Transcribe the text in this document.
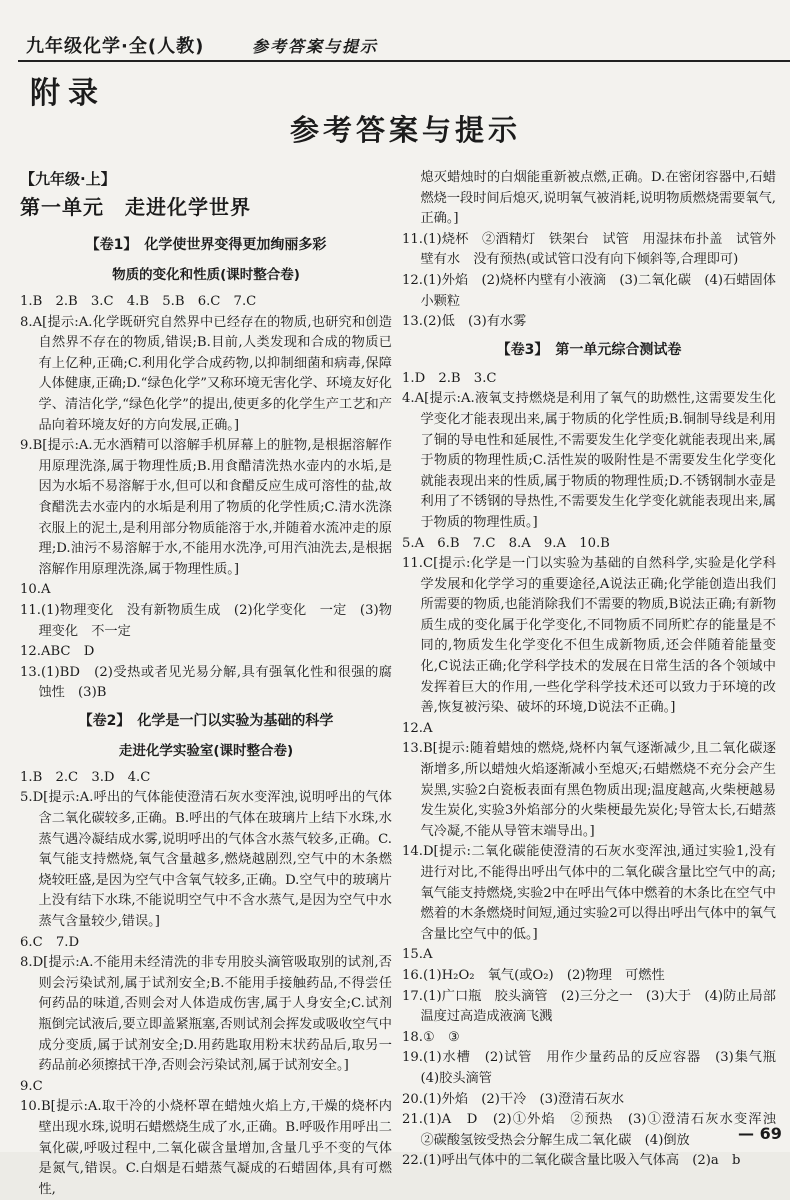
九年级化学·全(人教)	参考答案与提示
附录
参考答案与提示
【九年级·上】
第一单元　走进化学世界
【卷1】　化学使世界变得更加绚丽多彩
物质的变化和性质(课时整合卷)

1.B　2.B　3.C　4.B　5.B　6.C　7.C

8.A[提示:A.化学既研究自然界中已经存在的物质,也研究和创造自然界不存在的物质,错误;B.目前,人类发现和合成的物质已有上亿种,正确;C.利用化学合成药物,以抑制细菌和病毒,保障人体健康,正确;D.“绿色化学”又称环境无害化学、环境友好化学、清洁化学,“绿色化学”的提出,使更多的化学生产工艺和产品向着环境友好的方向发展,正确。]

9.B[提示:A.无水酒精可以溶解手机屏幕上的脏物,是根据溶解作用原理洗涤,属于物理性质;B.用食醋清洗热水壶内的水垢,是因为水垢不易溶解于水,但可以和食醋反应生成可溶性的盐,故食醋洗去水壶内的水垢是利用了物质的化学性质;C.清水洗涤衣服上的泥土,是利用部分物质能溶于水,并随着水流冲走的原理;D.油污不易溶解于水,不能用水洗净,可用汽油洗去,是根据溶解作用原理洗涤,属于物理性质。]

10.A

11.(1)物理变化　没有新物质生成　(2)化学变化　一定　(3)物理变化　不一定

12.ABC　D

13.(1)BD　(2)受热或者见光易分解,具有强氧化性和很强的腐蚀性　(3)B

【卷2】　化学是一门以实验为基础的科学
走进化学实验室(课时整合卷)

1.B　2.C　3.D　4.C

5.D[提示:A.呼出的气体能使澄清石灰水变浑浊,说明呼出的气体含二氧化碳较多,正确。B.呼出的气体在玻璃片上结下水珠,水蒸气遇冷凝结成水雾,说明呼出的气体含水蒸气较多,正确。C.氧气能支持燃烧,氧气含量越多,燃烧越剧烈,空气中的木条燃烧较旺盛,是因为空气中含氧气较多,正确。D.空气中的玻璃片上没有结下水珠,不能说明空气中不含水蒸气,是因为空气中水蒸气含量较少,错误。]

6.C　7.D

8.D[提示:A.不能用未经清洗的非专用胶头滴管吸取别的试剂,否则会污染试剂,属于试剂安全;B.不能用手接触药品,不得尝任何药品的味道,否则会对人体造成伤害,属于人身安全;C.试剂瓶倒完试液后,要立即盖紧瓶塞,否则试剂会挥发或吸收空气中成分变质,属于试剂安全;D.用药匙取用粉末状药品后,取另一药品前必须擦拭干净,否则会污染试剂,属于试剂安全。]

9.C

10.B[提示:A.取干冷的小烧杯罩在蜡烛火焰上方,干燥的烧杯内壁出现水珠,说明石蜡燃烧生成了水,正确。B.呼吸作用呼出二氧化碳,呼吸过程中,二氧化碳含量增加,含量几乎不变的气体是氮气,错误。C.白烟是石蜡蒸气凝成的石蜡固体,具有可燃性,

熄灭蜡烛时的白烟能重新被点燃,正确。D.在密闭容器中,石蜡燃烧一段时间后熄灭,说明氧气被消耗,说明物质燃烧需要氧气,正确。]

11.(1)烧杯　②酒精灯　铁架台　试管　用湿抹布扑盖　试管外壁有水　没有预热(或试管口没有向下倾斜等,合理即可)

12.(1)外焰　(2)烧杯内壁有小液滴　(3)二氧化碳　(4)石蜡固体小颗粒

13.(2)低　(3)有水雾

【卷3】　第一单元综合测试卷

1.D　2.B　3.C

4.A[提示:A.液氧支持燃烧是利用了氧气的助燃性,这需要发生化学变化才能表现出来,属于物质的化学性质;B.铜制导线是利用了铜的导电性和延展性,不需要发生化学变化就能表现出来,属于物质的物理性质;C.活性炭的吸附性是不需要发生化学变化就能表现出来的性质,属于物质的物理性质;D.不锈钢制水壶是利用了不锈钢的导热性,不需要发生化学变化就能表现出来,属于物质的物理性质。]

5.A　6.B　7.C　8.A　9.A　10.B

11.C[提示:化学是一门以实验为基础的自然科学,实验是化学科学发展和化学学习的重要途径,A说法正确;化学能创造出我们所需要的物质,也能消除我们不需要的物质,B说法正确;有新物质生成的变化属于化学变化,不同物质不同所贮存的能量是不同的,物质发生化学变化不但生成新物质,还会伴随着能量变化,C说法正确;化学科学技术的发展在日常生活的各个领域中发挥着巨大的作用,一些化学科学技术还可以致力于环境的改善,恢复被污染、破坏的环境,D说法不正确。]

12.A

13.B[提示:随着蜡烛的燃烧,烧杯内氧气逐渐减少,且二氧化碳逐渐增多,所以蜡烛火焰逐渐减小至熄灭;石蜡燃烧不充分会产生炭黑,实验2白瓷板表面有黑色物质出现;温度越高,火柴梗越易发生炭化,实验3外焰部分的火柴梗最先炭化;导管太长,石蜡蒸气冷凝,不能从导管末端导出。]

14.D[提示:二氧化碳能使澄清的石灰水变浑浊,通过实验1,没有进行对比,不能得出呼出气体中的二氧化碳含量比空气中的高;氧气能支持燃烧,实验2中在呼出气体中燃着的木条比在空气中燃着的木条燃烧时间短,通过实验2可以得出呼出气体中的氧气含量比空气中的低。]

15.A

16.(1)H₂O₂　氧气(或O₂)　(2)物理　可燃性

17.(1)广口瓶　胶头滴管　(2)三分之一　(3)大于　(4)防止局部温度过高造成液滴飞溅

18.①　③

19.(1)水槽　(2)试管　用作少量药品的反应容器　(3)集气瓶　(4)胶头滴管

20.(1)外焰　(2)干冷　(3)澄清石灰水

21.(1)A　D　(2)①外焰　②预热　(3)①澄清石灰水变浑浊　②碳酸氢铵受热会分解生成二氧化碳　(4)倒放

22.(1)呼出气体中的二氧化碳含量比吸入气体高　(2)a　b

— 69
